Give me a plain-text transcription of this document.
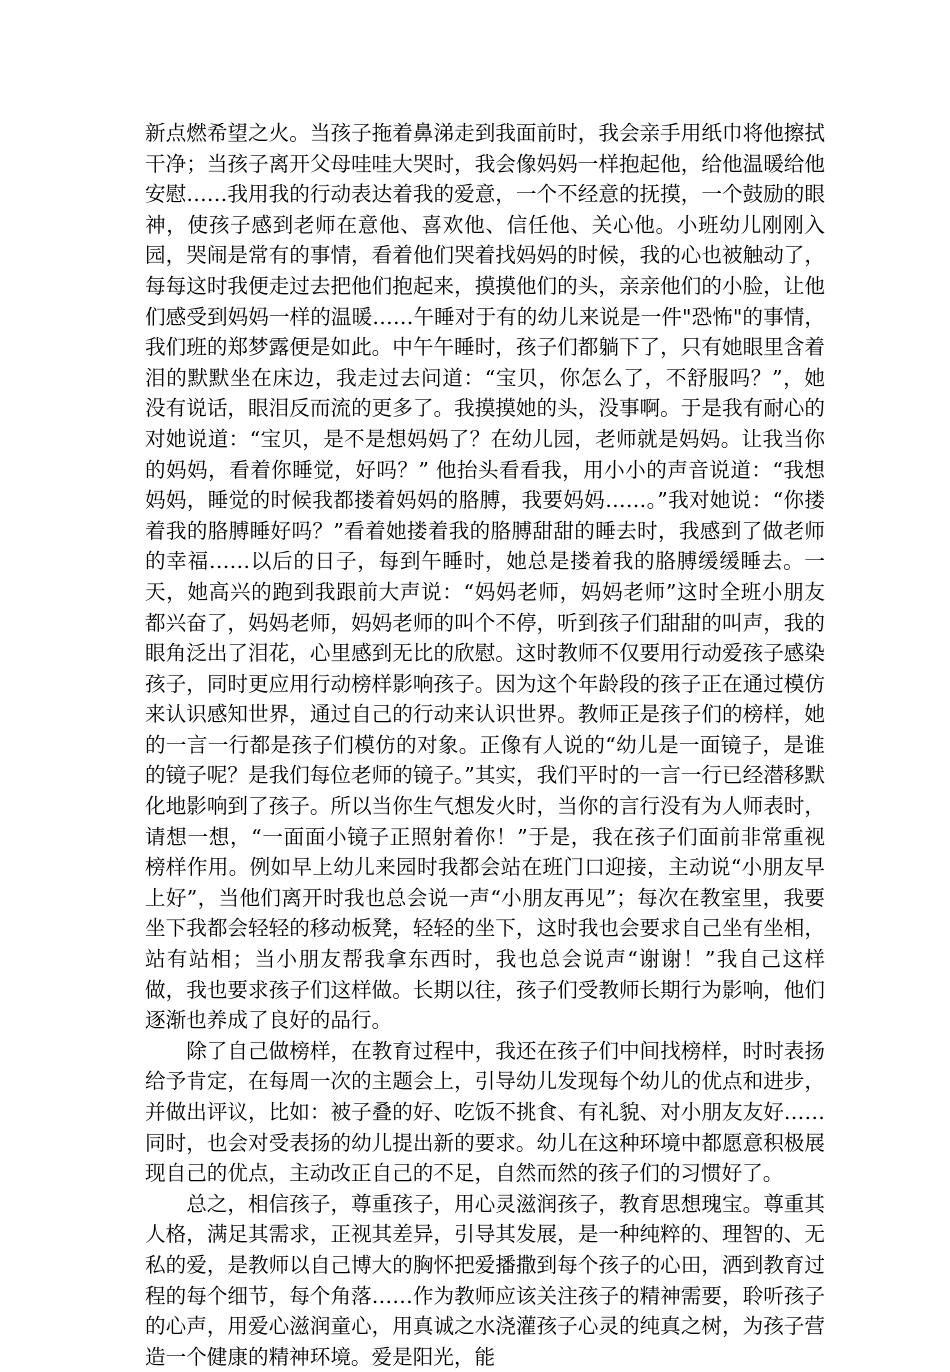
新点燃希望之火。当孩子拖着鼻涕走到我面前时，我会亲手用纸巾将他擦拭干净；当孩子离开父母哇哇大哭时，我会像妈妈一样抱起他，给他温暖给他安慰……我用我的行动表达着我的爱意，一个不经意的抚摸，一个鼓励的眼神，使孩子感到老师在意他、喜欢他、信任他、关心他。小班幼儿刚刚入园，哭闹是常有的事情，看着他们哭着找妈妈的时候，我的心也被触动了，每每这时我便走过去把他们抱起来，摸摸他们的头，亲亲他们的小脸，让他们感受到妈妈一样的温暖……午睡对于有的幼儿来说是一件"恐怖"的事情，我们班的郑梦露便是如此。中午午睡时，孩子们都躺下了，只有她眼里含着泪的默默坐在床边，我走过去问道：“宝贝，你怎么了，不舒服吗？”，她没有说话，眼泪反而流的更多了。我摸摸她的头，没事啊。于是我有耐心的对她说道：“宝贝，是不是想妈妈了？在幼儿园，老师就是妈妈。让我当你的妈妈，看着你睡觉，好吗？” 他抬头看看我，用小小的声音说道：“我想妈妈，睡觉的时候我都搂着妈妈的胳膊，我要妈妈……。”我对她说：“你搂着我的胳膊睡好吗？”看着她搂着我的胳膊甜甜的睡去时，我感到了做老师的幸福……以后的日子，每到午睡时，她总是搂着我的胳膊缓缓睡去。一天，她高兴的跑到我跟前大声说：“妈妈老师，妈妈老师”这时全班小朋友都兴奋了，妈妈老师，妈妈老师的叫个不停，听到孩子们甜甜的叫声，我的眼角泛出了泪花，心里感到无比的欣慰。这时教师不仅要用行动爱孩子感染孩子，同时更应用行动榜样影响孩子。因为这个年龄段的孩子正在通过模仿来认识感知世界，通过自己的行动来认识世界。教师正是孩子们的榜样，她的一言一行都是孩子们模仿的对象。正像有人说的“幼儿是一面镜子，是谁的镜子呢？是我们每位老师的镜子。”其实，我们平时的一言一行已经潜移默化地影响到了孩子。所以当你生气想发火时，当你的言行没有为人师表时，请想一想，“一面面小镜子正照射着你！”于是，我在孩子们面前非常重视榜样作用。例如早上幼儿来园时我都会站在班门口迎接，主动说“小朋友早上好”，当他们离开时我也总会说一声“小朋友再见”；每次在教室里，我要坐下我都会轻轻的移动板凳，轻轻的坐下，这时我也会要求自己坐有坐相，站有站相；当小朋友帮我拿东西时，我也总会说声“谢谢！”我自己这样做，我也要求孩子们这样做。长期以往，孩子们受教师长期行为影响，他们逐渐也养成了良好的品行。

除了自己做榜样，在教育过程中，我还在孩子们中间找榜样，时时表扬给予肯定，在每周一次的主题会上，引导幼儿发现每个幼儿的优点和进步，并做出评议，比如：被子叠的好、吃饭不挑食、有礼貌、对小朋友友好……同时，也会对受表扬的幼儿提出新的要求。幼儿在这种环境中都愿意积极展现自己的优点，主动改正自己的不足，自然而然的孩子们的习惯好了。

总之，相信孩子，尊重孩子，用心灵滋润孩子，教育思想瑰宝。尊重其人格，满足其需求，正视其差异，引导其发展，是一种纯粹的、理智的、无私的爱，是教师以自己博大的胸怀把爱播撒到每个孩子的心田，洒到教育过程的每个细节，每个角落……作为教师应该关注孩子的精神需要，聆听孩子的心声，用爱心滋润童心，用真诚之水浇灌孩子心灵的纯真之树，为孩子营造一个健康的精神环境。爱是阳光，能
